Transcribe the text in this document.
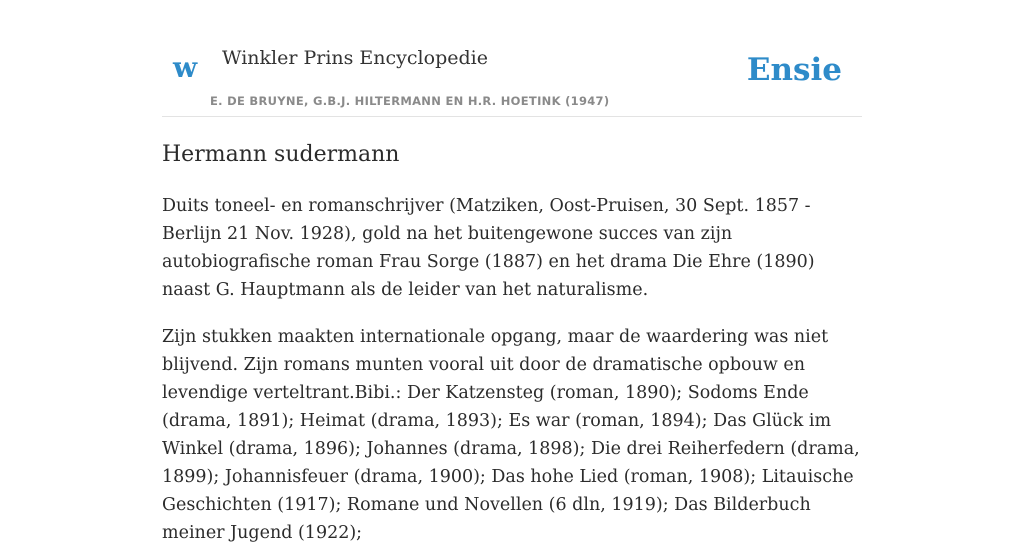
w Winkler Prins Encyclopedie
E. DE BRUYNE, G.B.J. HILTERMANN EN H.R. HOETINK (1947)
Ensie
Hermann sudermann

Duits toneel- en romanschrijver (Matziken, Oost-Pruisen, 30 Sept. 1857 - Berlijn 21 Nov. 1928), gold na het buitengewone succes van zijn autobiografische roman Frau Sorge (1887) en het drama Die Ehre (1890) naast G. Hauptmann als de leider van het naturalisme.

Zijn stukken maakten internationale opgang, maar de waardering was niet blijvend. Zijn romans munten vooral uit door de dramatische opbouw en levendige verteltrant.Bibi.: Der Katzensteg (roman, 1890); Sodoms Ende (drama, 1891); Heimat (drama, 1893); Es war (roman, 1894); Das Glück im Winkel (drama, 1896); Johannes (drama, 1898); Die drei Reiherfedern (drama, 1899); Johannisfeuer (drama, 1900); Das hohe Lied (roman, 1908); Litauische Geschichten (1917); Romane und Novellen (6 dln, 1919); Das Bilderbuch meiner Jugend (1922);
